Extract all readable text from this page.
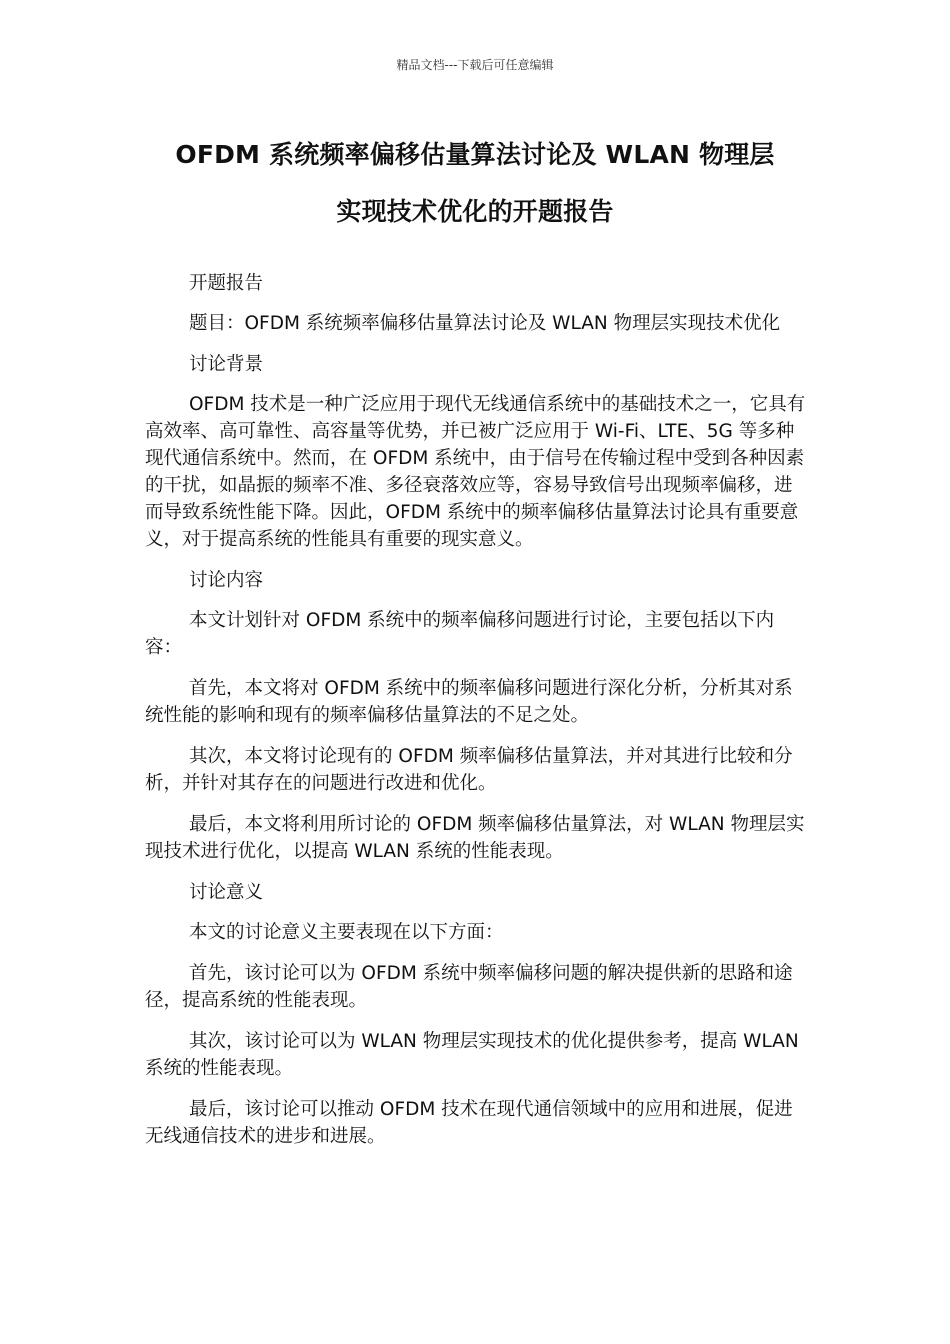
精品文档---下载后可任意编辑
OFDM 系统频率偏移估量算法讨论及 WLAN 物理层
实现技术优化的开题报告

开题报告

题目：OFDM 系统频率偏移估量算法讨论及 WLAN 物理层实现技术优化

讨论背景

OFDM 技术是一种广泛应用于现代无线通信系统中的基础技术之一，它具有高效率、高可靠性、高容量等优势，并已被广泛应用于 Wi-Fi、LTE、5G 等多种现代通信系统中。然而，在 OFDM 系统中，由于信号在传输过程中受到各种因素的干扰，如晶振的频率不准、多径衰落效应等，容易导致信号出现频率偏移，进而导致系统性能下降。因此，OFDM 系统中的频率偏移估量算法讨论具有重要意义，对于提高系统的性能具有重要的现实意义。

讨论内容

本文计划针对 OFDM 系统中的频率偏移问题进行讨论，主要包括以下内容：

首先，本文将对 OFDM 系统中的频率偏移问题进行深化分析，分析其对系统性能的影响和现有的频率偏移估量算法的不足之处。

其次，本文将讨论现有的 OFDM 频率偏移估量算法，并对其进行比较和分析，并针对其存在的问题进行改进和优化。

最后，本文将利用所讨论的 OFDM 频率偏移估量算法，对 WLAN 物理层实现技术进行优化，以提高 WLAN 系统的性能表现。

讨论意义

本文的讨论意义主要表现在以下方面：

首先，该讨论可以为 OFDM 系统中频率偏移问题的解决提供新的思路和途径，提高系统的性能表现。

其次，该讨论可以为 WLAN 物理层实现技术的优化提供参考，提高 WLAN 系统的性能表现。

最后，该讨论可以推动 OFDM 技术在现代通信领域中的应用和进展，促进无线通信技术的进步和进展。
